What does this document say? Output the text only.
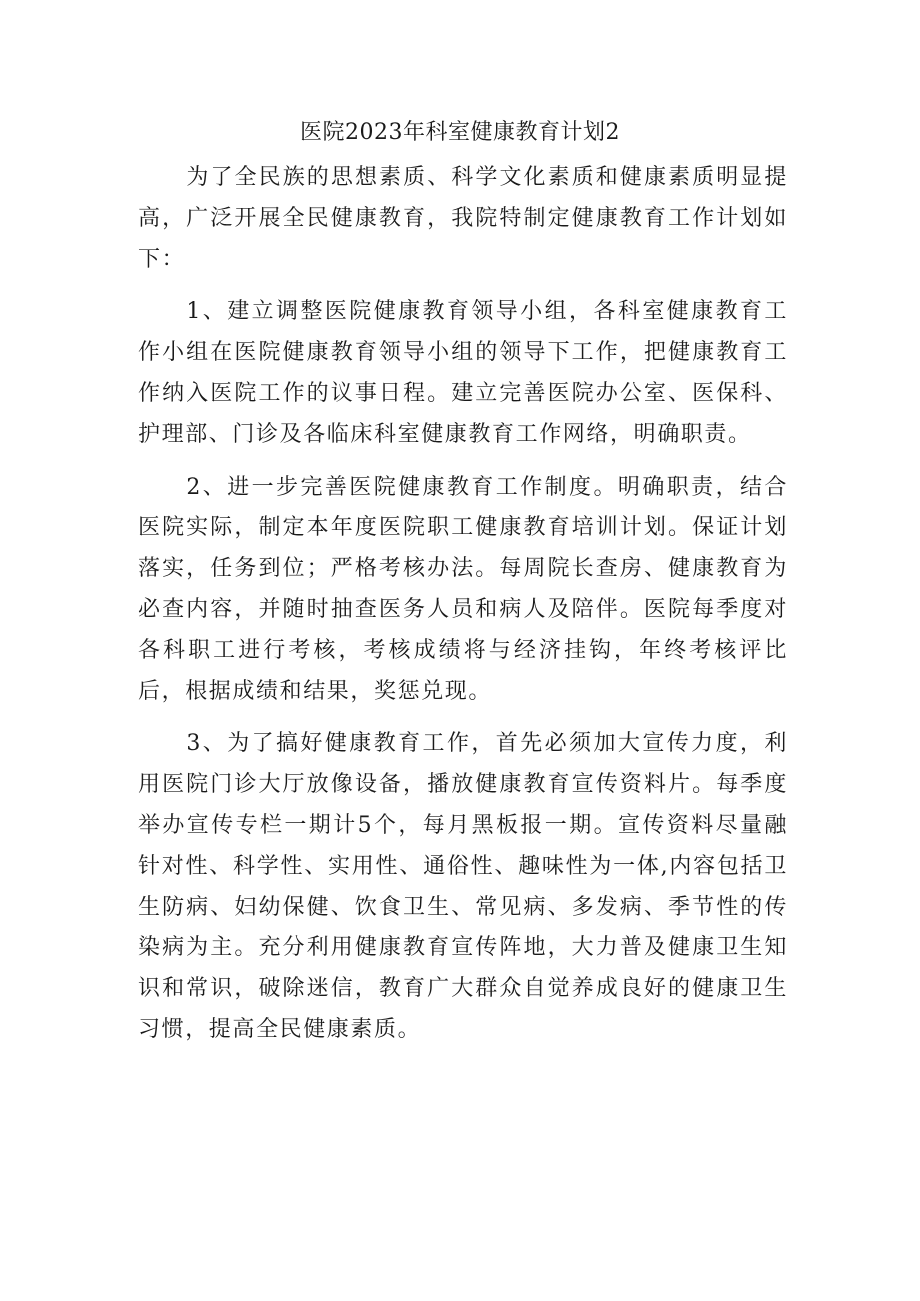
医院2023年科室健康教育计划2

为了全民族的思想素质、科学文化素质和健康素质明显提高，广泛开展全民健康教育，我院特制定健康教育工作计划如下：

1、建立调整医院健康教育领导小组，各科室健康教育工作小组在医院健康教育领导小组的领导下工作，把健康教育工作纳入医院工作的议事日程。建立完善医院办公室、医保科、护理部、门诊及各临床科室健康教育工作网络，明确职责。

2、进一步完善医院健康教育工作制度。明确职责，结合医院实际，制定本年度医院职工健康教育培训计划。保证计划落实，任务到位；严格考核办法。每周院长查房、健康教育为必查内容，并随时抽查医务人员和病人及陪伴。医院每季度对各科职工进行考核，考核成绩将与经济挂钩，年终考核评比后，根据成绩和结果，奖惩兑现。

3、为了搞好健康教育工作，首先必须加大宣传力度，利用医院门诊大厅放像设备，播放健康教育宣传资料片。每季度举办宣传专栏一期计5个，每月黑板报一期。宣传资料尽量融针对性、科学性、实用性、通俗性、趣味性为一体,内容包括卫生防病、妇幼保健、饮食卫生、常见病、多发病、季节性的传染病为主。充分利用健康教育宣传阵地，大力普及健康卫生知识和常识，破除迷信，教育广大群众自觉养成良好的健康卫生习惯，提高全民健康素质。
